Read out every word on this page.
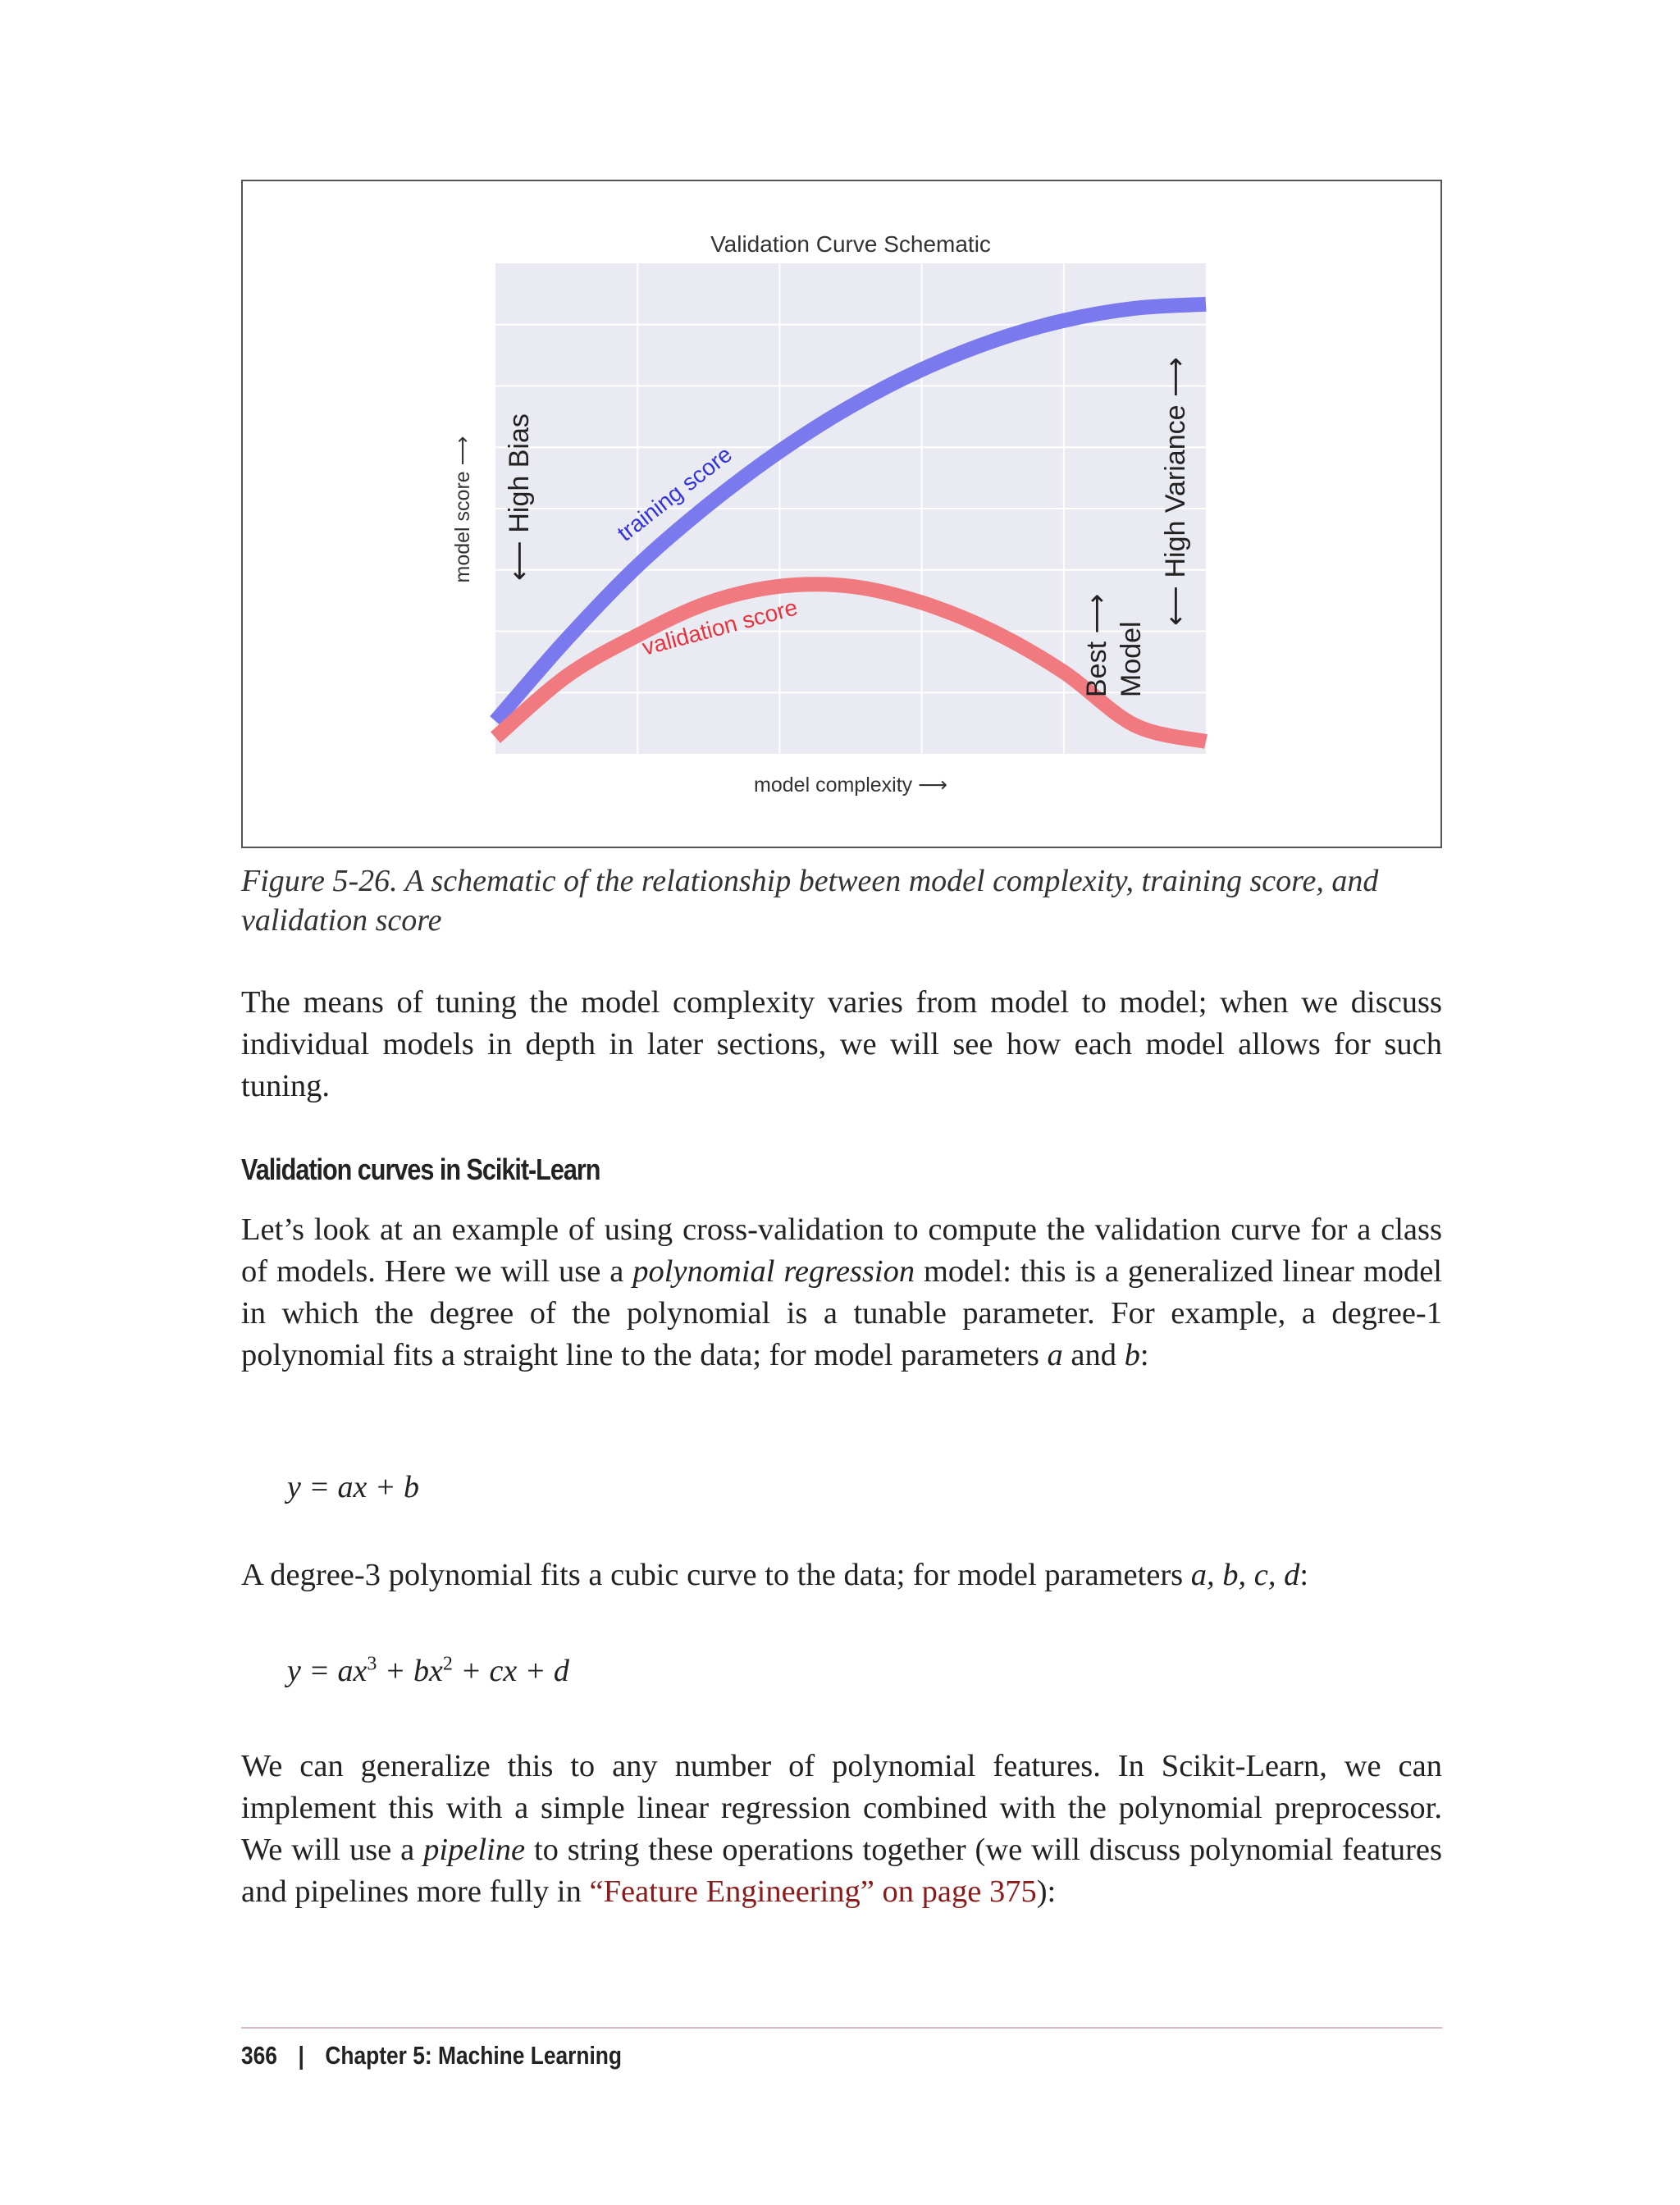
Validation Curve Schematic
model complexity ⟶
model score ⟶ ⟵ High Bias	⟵ High Variance ⟶
Best ⟶ Model
training score
validation score
Figure 5-26. A schematic of the relationship between model complexity, training score, and validation score
The means of tuning the model complexity varies from model to model; when we discuss individual models in depth in later sections, we will see how each model allows for such tuning.
Validation curves in Scikit-Learn
Let’s look at an example of using cross-validation to compute the validation curve for a class of models. Here we will use a polynomial regression model: this is a generalized linear model in which the degree of the polynomial is a tunable parameter. For example, a degree-1 polynomial fits a straight line to the data; for model parameters a and b:
y = ax + b
A degree-3 polynomial fits a cubic curve to the data; for model parameters a, b, c, d:
$y = ax^3 + bx^2$ + cx + d
We can generalize this to any number of polynomial features. In Scikit-Learn, we can implement this with a simple linear regression combined with the polynomial preprocessor. We will use a pipeline to string these operations together (we will discuss polynomial features and pipelines more fully in “Feature Engineering” on page 375):
366 | Chapter 5: Machine Learning
